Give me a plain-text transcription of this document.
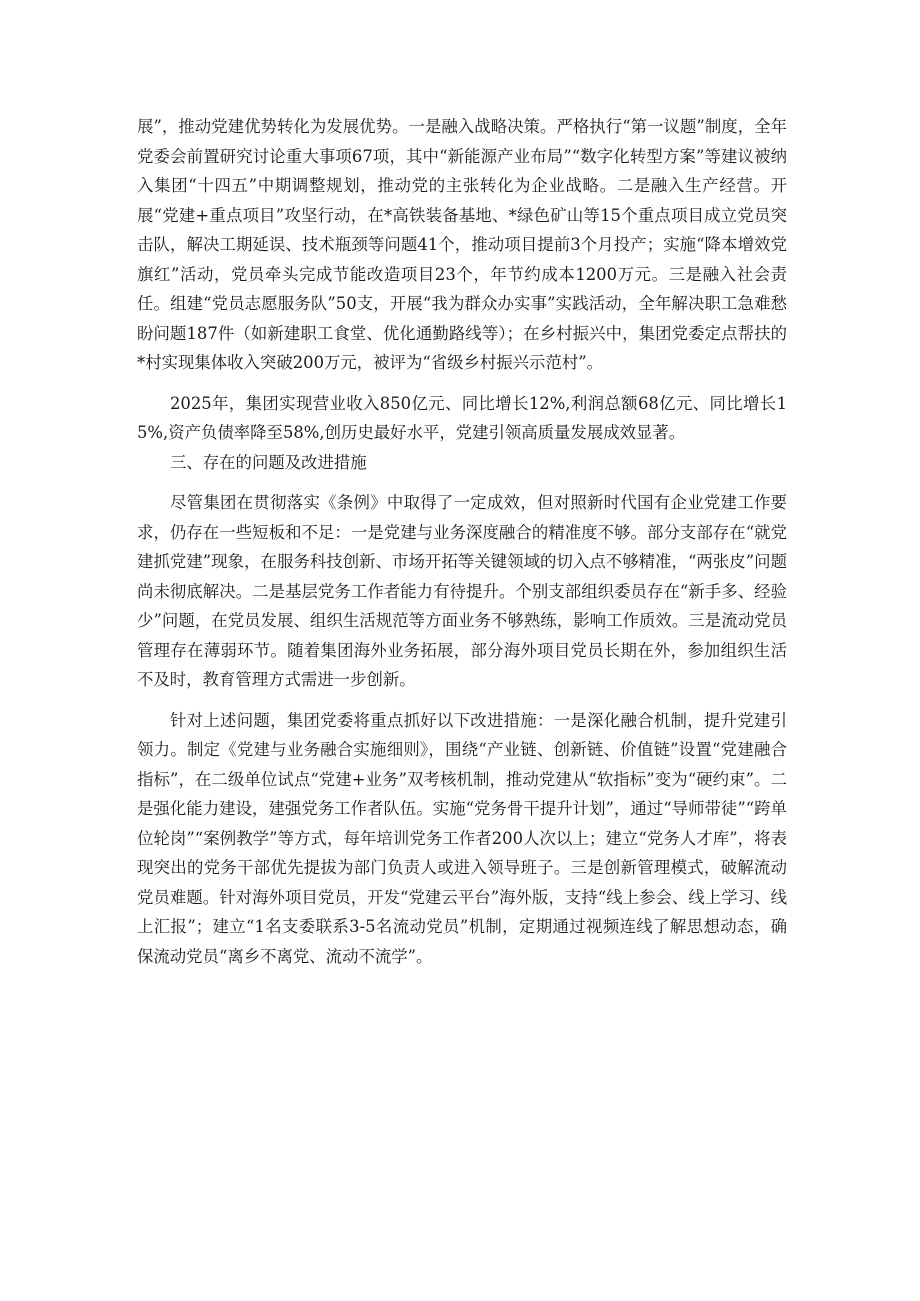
展”，推动党建优势转化为发展优势。一是融入战略决策。严格执行“第一议题”制度，全年党委会前置研究讨论重大事项67项，其中“新能源产业布局”“数字化转型方案”等建议被纳入集团“十四五”中期调整规划，推动党的主张转化为企业战略。二是融入生产经营。开展“党建+重点项目”攻坚行动，在*高铁装备基地、*绿色矿山等15个重点项目成立党员突击队，解决工期延误、技术瓶颈等问题41个，推动项目提前3个月投产；实施“降本增效党旗红”活动，党员牵头完成节能改造项目23个，年节约成本1200万元。三是融入社会责任。组建“党员志愿服务队”50支，开展“我为群众办实事”实践活动，全年解决职工急难愁盼问题187件（如新建职工食堂、优化通勤路线等）；在乡村振兴中，集团党委定点帮扶的*村实现集体收入突破200万元，被评为“省级乡村振兴示范村”。

2025年，集团实现营业收入850亿元、同比增长12%,利润总额68亿元、同比增长15%,资产负债率降至58%,创历史最好水平，党建引领高质量发展成效显著。

三、存在的问题及改进措施

尽管集团在贯彻落实《条例》中取得了一定成效，但对照新时代国有企业党建工作要求，仍存在一些短板和不足：一是党建与业务深度融合的精准度不够。部分支部存在“就党建抓党建”现象，在服务科技创新、市场开拓等关键领域的切入点不够精准，“两张皮”问题尚未彻底解决。二是基层党务工作者能力有待提升。个别支部组织委员存在“新手多、经验少”问题，在党员发展、组织生活规范等方面业务不够熟练，影响工作质效。三是流动党员管理存在薄弱环节。随着集团海外业务拓展，部分海外项目党员长期在外，参加组织生活不及时，教育管理方式需进一步创新。

针对上述问题，集团党委将重点抓好以下改进措施：一是深化融合机制，提升党建引领力。制定《党建与业务融合实施细则》，围绕“产业链、创新链、价值链”设置“党建融合指标”，在二级单位试点“党建+业务”双考核机制，推动党建从“软指标”变为“硬约束”。二是强化能力建设，建强党务工作者队伍。实施“党务骨干提升计划”，通过“导师带徒”“跨单位轮岗”“案例教学”等方式，每年培训党务工作者200人次以上；建立“党务人才库”，将表现突出的党务干部优先提拔为部门负责人或进入领导班子。三是创新管理模式，破解流动党员难题。针对海外项目党员，开发“党建云平台”海外版，支持“线上参会、线上学习、线上汇报”；建立“1名支委联系3-5名流动党员”机制，定期通过视频连线了解思想动态，确保流动党员“离乡不离党、流动不流学”。
